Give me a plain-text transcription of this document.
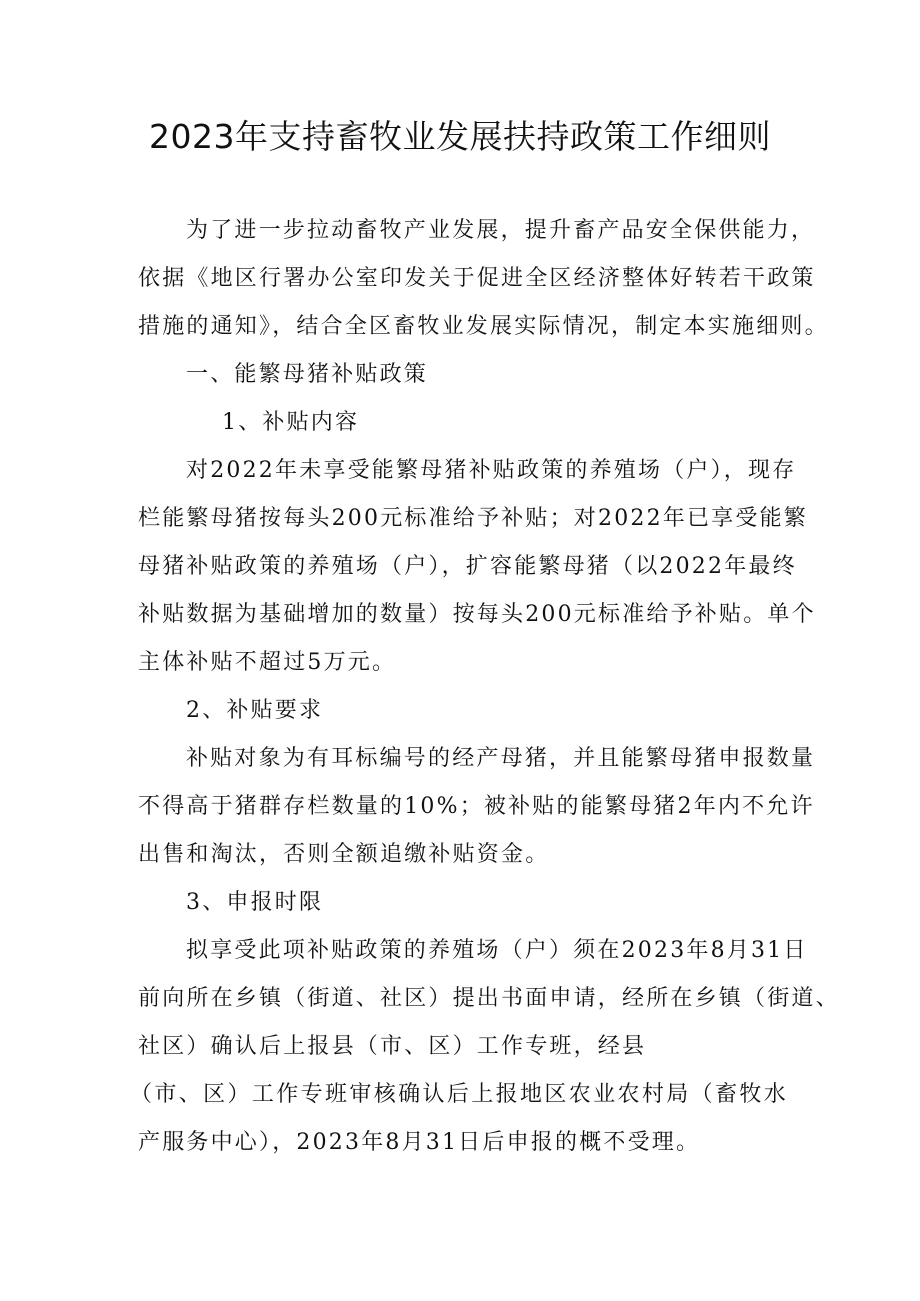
2023年支持畜牧业发展扶持政策工作细则
为了进一步拉动畜牧产业发展，提升畜产品安全保供能力，
依据《地区行署办公室印发关于促进全区经济整体好转若干政策
措施的通知》，结合全区畜牧业发展实际情况，制定本实施细则。
一、能繁母猪补贴政策
1、补贴内容
对2022年未享受能繁母猪补贴政策的养殖场（户），现存
栏能繁母猪按每头200元标准给予补贴；对2022年已享受能繁
母猪补贴政策的养殖场（户），扩容能繁母猪（以2022年最终
补贴数据为基础增加的数量）按每头200元标准给予补贴。单个
主体补贴不超过5万元。
2、补贴要求
补贴对象为有耳标编号的经产母猪，并且能繁母猪申报数量
不得高于猪群存栏数量的10%；被补贴的能繁母猪2年内不允许
出售和淘汰，否则全额追缴补贴资金。
3、申报时限
拟享受此项补贴政策的养殖场（户）须在2023年8月31日
前向所在乡镇（街道、社区）提出书面申请，经所在乡镇（街道、
社区）确认后上报县（市、区）工作专班，经县
（市、区）工作专班审核确认后上报地区农业农村局（畜牧水
产服务中心），2023年8月31日后申报的概不受理。
